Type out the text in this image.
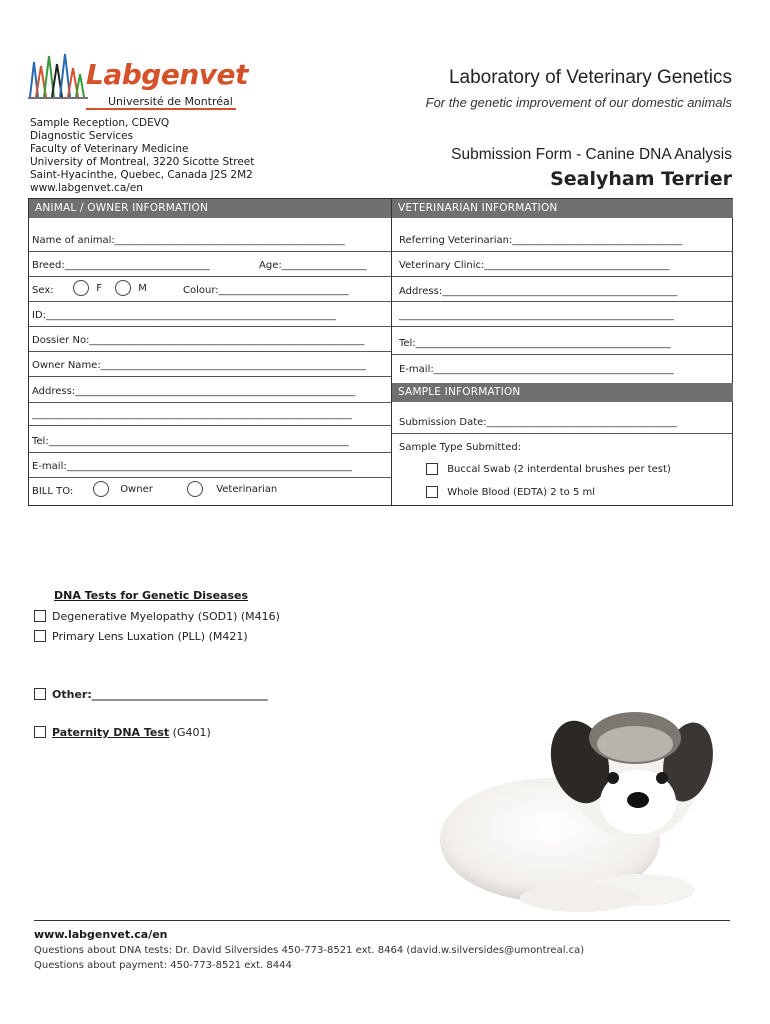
Labgenvet
Université de Montréal
Laboratory of Veterinary Genetics
For the genetic improvement of our domestic animals
Sample Reception, CDEVQ
Diagnostic Services
Faculty of Veterinary Medicine
University of Montreal, 3220 Sicotte Street
Saint-Hyacinthe, Quebec, Canada J2S 2M2
www.labgenvet.ca/en
Submission Form - Canine DNA Analysis
Sealyham Terrier
ANIMAL / OWNER INFORMATION
Name of animal:______________________________________________
Breed:_____________________________	Age:_________________
Sex:	F	M	Colour:__________________________
ID:__________________________________________________________
Dossier No:_______________________________________________________
Owner Name:_____________________________________________________
Address:________________________________________________________
________________________________________________________________
Tel:____________________________________________________________
E-mail:_________________________________________________________
BILL TO:	Owner	Veterinarian
VETERINARIAN INFORMATION
Referring Veterinarian:__________________________________
Veterinary Clinic:_____________________________________
Address:_______________________________________________
_______________________________________________________
Tel:___________________________________________________
E-mail:________________________________________________
SAMPLE INFORMATION
Submission Date:______________________________________
Sample Type Submitted:
Buccal Swab (2 interdental brushes per test)
Whole Blood (EDTA) 2 to 5 ml
DNA Tests for Genetic Diseases
Degenerative Myelopathy (SOD1) (M416)
Primary Lens Luxation (PLL) (M421)
Other:________________________________
Paternity DNA Test (G401)
www.labgenvet.ca/en
Questions about DNA tests: Dr. David Silversides 450-773-8521 ext. 8464 (david.w.silversides@umontreal.ca)
Questions about payment: 450-773-8521 ext. 8444
